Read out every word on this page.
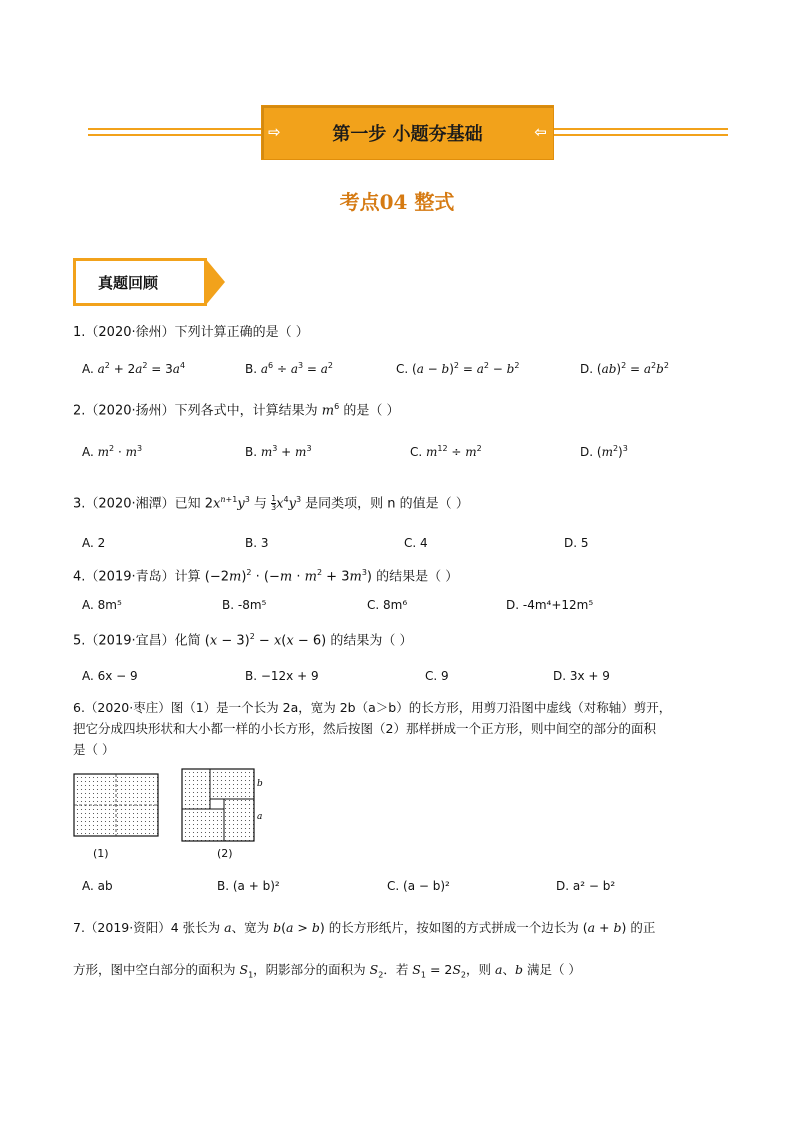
⇨	第一步 小题夯基础	⇦
考点04 整式
真题回顾
1.（2020·徐州）下列计算正确的是（ ）
A. $a^2 + 2a^2 = 3a^4$	B. $a^6 \div a^3 = a^2$	C. $(a - b)^2 = a^2 - b^2$	D. $(ab)^2 = a^2b^2$
2.（2020·扬州）下列各式中，计算结果为 $m^6$ 的是（ ）
A. $m^2 \cdot m^3$	B. $m^3 + m^3$	C. $m^{12} \div m^2$	D. $(m^2)^3$
3.（2020·湘潭）已知 $2x^{n+1}y^3$ 与 $\frac{1}{3} x^4y^3$ 是同类项，则 n 的值是（ ）
A. 2	B. 3	C. 4	D. 5
4.（2019·青岛）计算 $(-2m)^2 \cdot (-m \cdot m^2 + 3m^3)$ 的结果是（ ）
A. 8m⁵	B. -8m⁵	C. 8m⁶	D. -4m⁴+12m⁵
5.（2019·宜昌）化简 $(x - 3)^2 - x(x - 6)$ 的结果为（ ）
A. 6x − 9	B. −12x + 9	C. 9	D. 3x + 9
6.（2020·枣庄）图（1）是一个长为 2a，宽为 2b（a＞b）的长方形，用剪刀沿图中虚线（对称轴）剪开，
把它分成四块形状和大小都一样的小长方形，然后按图（2）那样拼成一个正方形，则中间空的部分的面积
是（ ）
(1)
b
a
(2)
A. ab	B. (a + b)²	C. (a − b)²	D. a² − b²
7.（2019·资阳）4 张长为 a、宽为 b(a > b) 的长方形纸片，按如图的方式拼成一个边长为 (a + b) 的正
方形，图中空白部分的面积为 $S_1$，阴影部分的面积为 $S_2$．若 $S_1 = 2S_2$，则 a、b 满足（ ）
